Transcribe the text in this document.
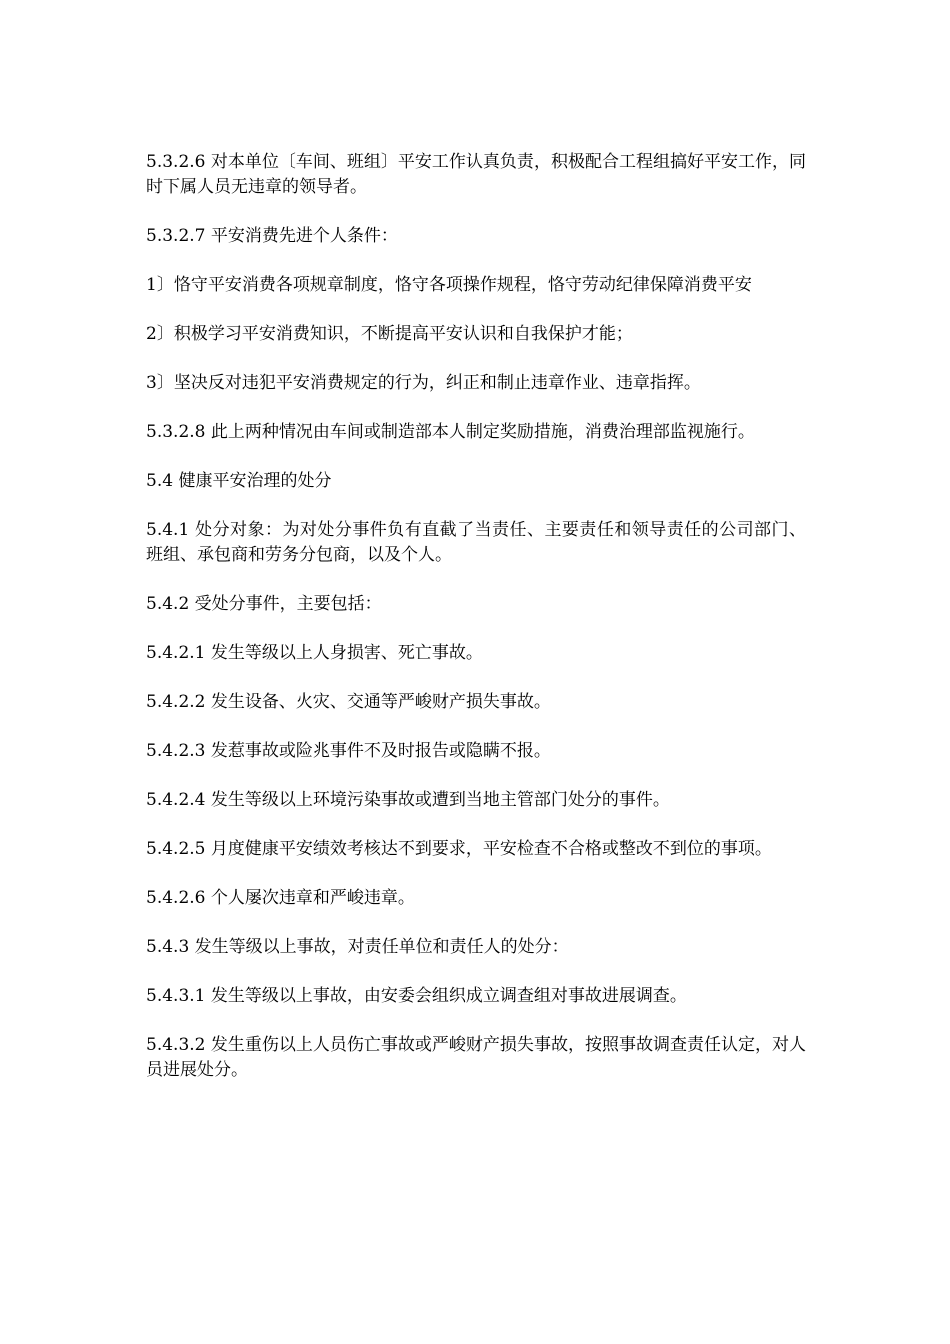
5.3.2.6 对本单位〔车间、班组〕平安工作认真负责，积极配合工程组搞好平安工作，同时下属人员无违章的领导者。

5.3.2.7 平安消费先进个人条件：

1〕恪守平安消费各项规章制度，恪守各项操作规程，恪守劳动纪律保障消费平安

2〕积极学习平安消费知识，不断提高平安认识和自我保护才能；

3〕坚决反对违犯平安消费规定的行为，纠正和制止违章作业、违章指挥。

5.3.2.8 此上两种情况由车间或制造部本人制定奖励措施，消费治理部监视施行。

5.4 健康平安治理的处分

5.4.1 处分对象：为对处分事件负有直截了当责任、主要责任和领导责任的公司部门、班组、承包商和劳务分包商，以及个人。

5.4.2 受处分事件，主要包括：

5.4.2.1 发生等级以上人身损害、死亡事故。

5.4.2.2 发生设备、火灾、交通等严峻财产损失事故。

5.4.2.3 发惹事故或险兆事件不及时报告或隐瞒不报。

5.4.2.4 发生等级以上环境污染事故或遭到当地主管部门处分的事件。

5.4.2.5 月度健康平安绩效考核达不到要求，平安检查不合格或整改不到位的事项。

5.4.2.6 个人屡次违章和严峻违章。

5.4.3 发生等级以上事故，对责任单位和责任人的处分：

5.4.3.1 发生等级以上事故，由安委会组织成立调查组对事故进展调查。

5.4.3.2 发生重伤以上人员伤亡事故或严峻财产损失事故，按照事故调查责任认定，对人员进展处分。
